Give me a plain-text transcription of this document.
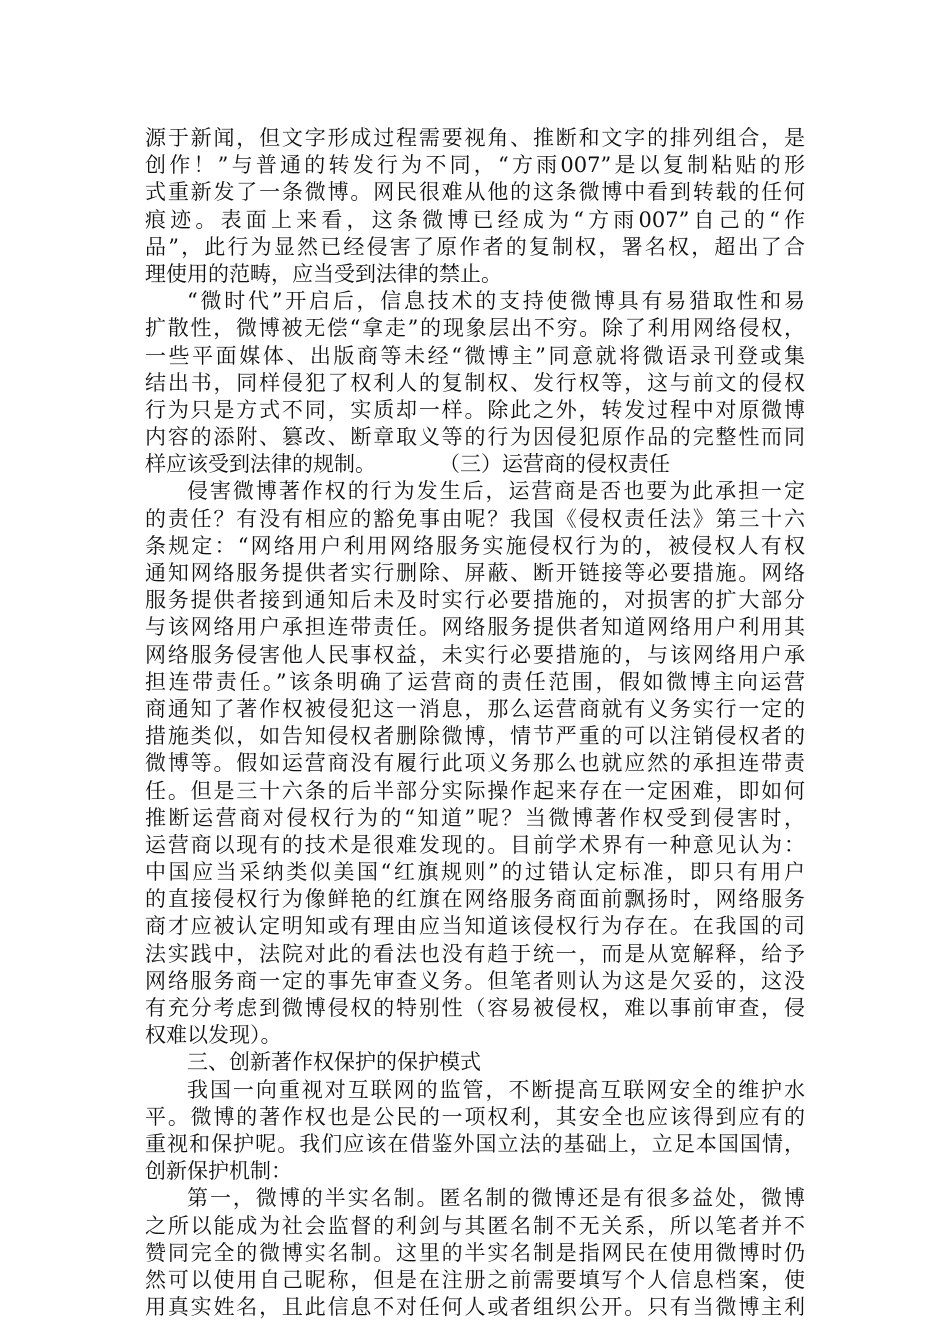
源于新闻，但文字形成过程需要视角、推断和文字的排列组合，是
创作！”与普通的转发行为不同，“方雨007”是以复制粘贴的形
式重新发了一条微博。网民很难从他的这条微博中看到转载的任何
痕迹。表面上来看，这条微博已经成为“方雨007”自己的“作
品”，此行为显然已经侵害了原作者的复制权，署名权，超出了合
理使用的范畴，应当受到法律的禁止。
“微时代”开启后，信息技术的支持使微博具有易猎取性和易
扩散性，微博被无偿“拿走”的现象层出不穷。除了利用网络侵权，
一些平面媒体、出版商等未经“微博主”同意就将微语录刊登或集
结出书，同样侵犯了权利人的复制权、发行权等，这与前文的侵权
行为只是方式不同，实质却一样。除此之外，转发过程中对原微博
内容的添附、篡改、断章取义等的行为因侵犯原作品的完整性而同
样应该受到法律的规制。　　　　（三）运营商的侵权责任
侵害微博著作权的行为发生后，运营商是否也要为此承担一定
的责任？有没有相应的豁免事由呢？我国《侵权责任法》第三十六
条规定：“网络用户利用网络服务实施侵权行为的，被侵权人有权
通知网络服务提供者实行删除、屏蔽、断开链接等必要措施。网络
服务提供者接到通知后未及时实行必要措施的，对损害的扩大部分
与该网络用户承担连带责任。网络服务提供者知道网络用户利用其
网络服务侵害他人民事权益，未实行必要措施的，与该网络用户承
担连带责任。”该条明确了运营商的责任范围，假如微博主向运营
商通知了著作权被侵犯这一消息，那么运营商就有义务实行一定的
措施类似，如告知侵权者删除微博，情节严重的可以注销侵权者的
微博等。假如运营商没有履行此项义务那么也就应然的承担连带责
任。但是三十六条的后半部分实际操作起来存在一定困难，即如何
推断运营商对侵权行为的“知道”呢？当微博著作权受到侵害时，
运营商以现有的技术是很难发现的。目前学术界有一种意见认为：
中国应当采纳类似美国“红旗规则”的过错认定标准，即只有用户
的直接侵权行为像鲜艳的红旗在网络服务商面前飘扬时，网络服务
商才应被认定明知或有理由应当知道该侵权行为存在。在我国的司
法实践中，法院对此的看法也没有趋于统一，而是从宽解释，给予
网络服务商一定的事先审查义务。但笔者则认为这是欠妥的，这没
有充分考虑到微博侵权的特别性（容易被侵权，难以事前审查，侵
权难以发现）。
三、创新著作权保护的保护模式
我国一向重视对互联网的监管，不断提高互联网安全的维护水
平。微博的著作权也是公民的一项权利，其安全也应该得到应有的
重视和保护呢。我们应该在借鉴外国立法的基础上，立足本国国情，
创新保护机制：
第一，微博的半实名制。匿名制的微博还是有很多益处，微博
之所以能成为社会监督的利剑与其匿名制不无关系，所以笔者并不
赞同完全的微博实名制。这里的半实名制是指网民在使用微博时仍
然可以使用自己昵称，但是在注册之前需要填写个人信息档案，使
用真实姓名，且此信息不对任何人或者组织公开。只有当微博主利
